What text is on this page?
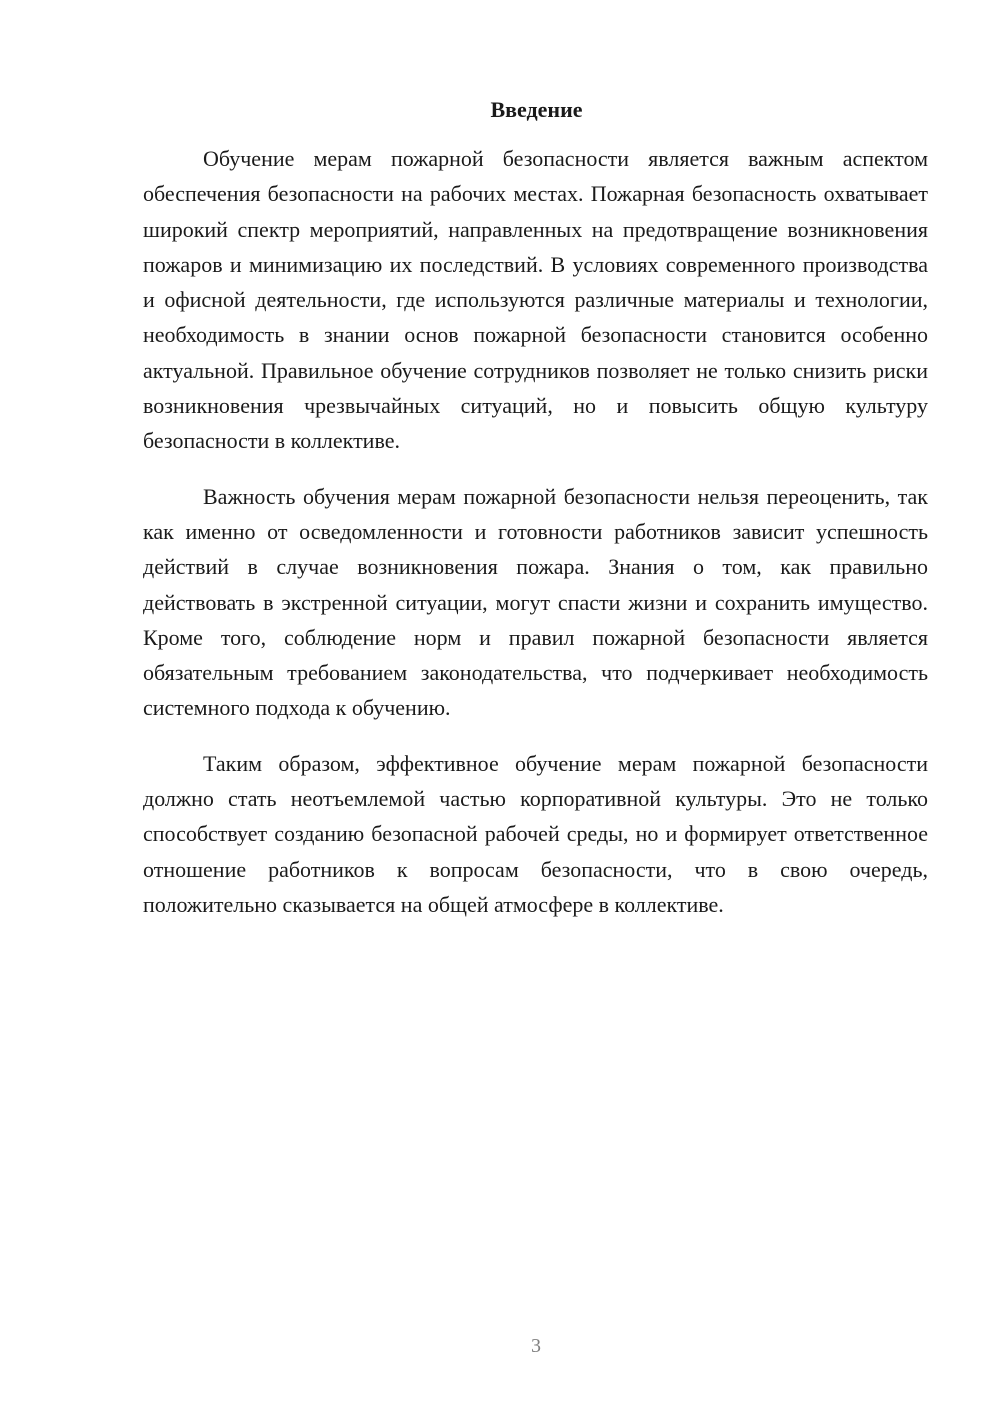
Введение

Обучение мерам пожарной безопасности является важным аспектом обеспечения безопасности на рабочих местах. Пожарная безопасность охватывает широкий спектр мероприятий, направленных на предотвращение возникновения пожаров и минимизацию их последствий. В условиях современного производства и офисной деятельности, где используются различные материалы и технологии, необходимость в знании основ пожарной безопасности становится особенно актуальной. Правильное обучение сотрудников позволяет не только снизить риски возникновения чрезвычайных ситуаций, но и повысить общую культуру безопасности в коллективе.

Важность обучения мерам пожарной безопасности нельзя переоценить, так как именно от осведомленности и готовности работников зависит успешность действий в случае возникновения пожара. Знания о том, как правильно действовать в экстренной ситуации, могут спасти жизни и сохранить имущество. Кроме того, соблюдение норм и правил пожарной безопасности является обязательным требованием законодательства, что подчеркивает необходимость системного подхода к обучению.

Таким образом, эффективное обучение мерам пожарной безопасности должно стать неотъемлемой частью корпоративной культуры. Это не только способствует созданию безопасной рабочей среды, но и формирует ответственное отношение работников к вопросам безопасности, что в свою очередь, положительно сказывается на общей атмосфере в коллективе.

3
